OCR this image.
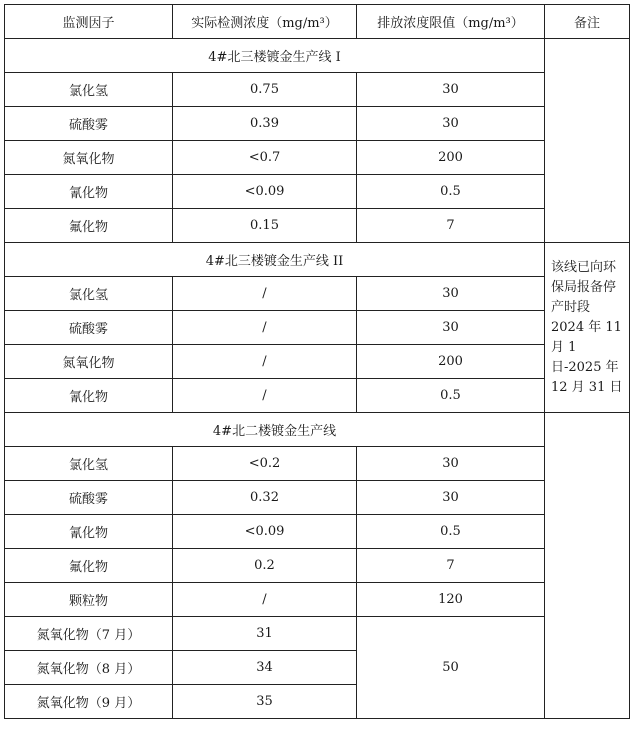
监测因子	实际检测浓度（mg/m³）	排放浓度限值（mg/m³）	备注
4#北三楼镀金生产线 I			
氯化氢	0.75	30	
硫酸雾	0.39	30	
氮氧化物	<0.7	200	
氰化物	<0.09	0.5	
氟化物	0.15	7	
4#北三楼镀金生产线 II			该线已向环保局报备停产时段 2024 年 11 月 1 日-2025 年 12 月 31 日
氯化氢	/	30	
硫酸雾	/	30	
氮氧化物	/	200	
氰化物	/	0.5	
4#北二楼镀金生产线			
氯化氢	<0.2	30	
硫酸雾	0.32	30	
氰化物	<0.09	0.5	
氟化物	0.2	7	
颗粒物	/	120	
氮氧化物（7 月）	31	50	
氮氧化物（8 月）	34		
氮氧化物（9 月）	35		
